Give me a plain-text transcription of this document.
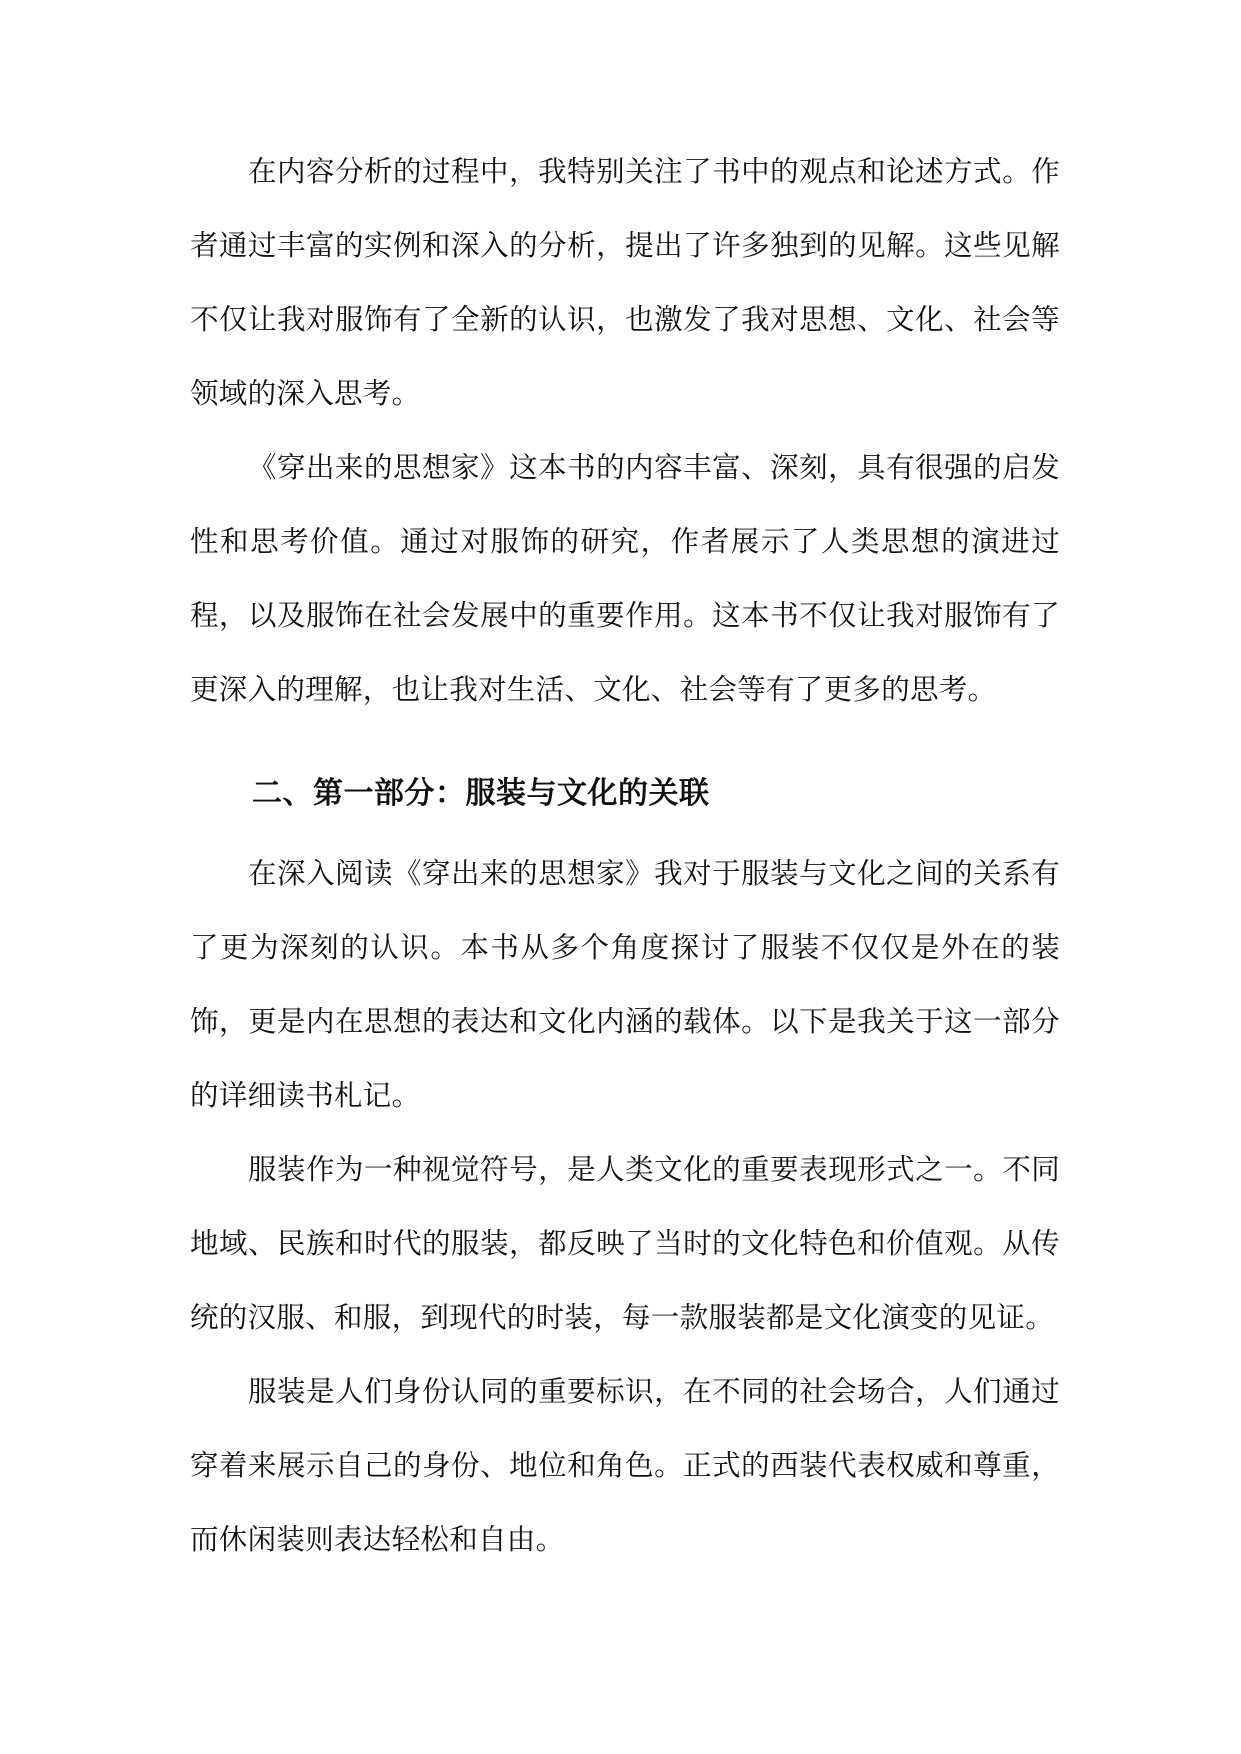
在内容分析的过程中，我特别关注了书中的观点和论述方式。作者通过丰富的实例和深入的分析，提出了许多独到的见解。这些见解不仅让我对服饰有了全新的认识，也激发了我对思想、文化、社会等领域的深入思考。

《穿出来的思想家》这本书的内容丰富、深刻，具有很强的启发性和思考价值。通过对服饰的研究，作者展示了人类思想的演进过程，以及服饰在社会发展中的重要作用。这本书不仅让我对服饰有了更深入的理解，也让我对生活、文化、社会等有了更多的思考。

二、第一部分：服装与文化的关联

在深入阅读《穿出来的思想家》我对于服装与文化之间的关系有了更为深刻的认识。本书从多个角度探讨了服装不仅仅是外在的装饰，更是内在思想的表达和文化内涵的载体。以下是我关于这一部分的详细读书札记。

服装作为一种视觉符号，是人类文化的重要表现形式之一。不同地域、民族和时代的服装，都反映了当时的文化特色和价值观。从传统的汉服、和服，到现代的时装，每一款服装都是文化演变的见证。

服装是人们身份认同的重要标识，在不同的社会场合，人们通过穿着来展示自己的身份、地位和角色。正式的西装代表权威和尊重，而休闲装则表达轻松和自由。
